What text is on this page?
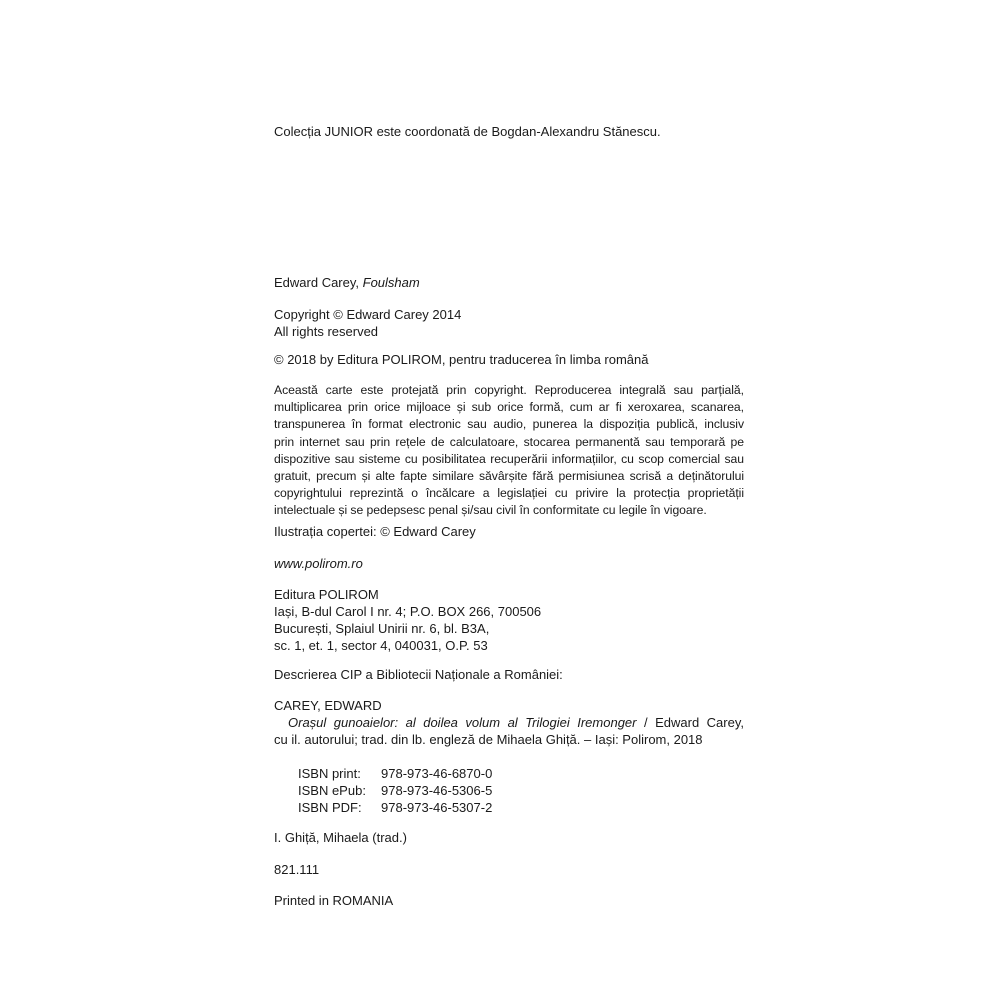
Colecția JUNIOR este coordonată de Bogdan-Alexandru Stănescu.
Edward Carey, Foulsham
Copyright © Edward Carey 2014
All rights reserved
© 2018 by Editura POLIROM, pentru traducerea în limba română
Această carte este protejată prin copyright. Reproducerea integrală sau parțială,
multiplicarea prin orice mijloace și sub orice formă, cum ar fi xeroxarea, scanarea,
transpunerea în format electronic sau audio, punerea la dispoziția publică, inclusiv
prin internet sau prin rețele de calculatoare, stocarea permanentă sau temporară pe
dispozitive sau sisteme cu posibilitatea recuperării informațiilor, cu scop comercial sau
gratuit, precum și alte fapte similare săvârșite fără permisiunea scrisă a deținătorului
copyrightului reprezintă o încălcare a legislației cu privire la protecția proprietății
intelectuale și se pedepsesc penal și/sau civil în conformitate cu legile în vigoare.
Ilustrația copertei: © Edward Carey
www.polirom.ro
Editura POLIROM
Iași, B-dul Carol I nr. 4; P.O. BOX 266, 700506
București, Splaiul Unirii nr. 6, bl. B3A,
sc. 1, et. 1, sector 4, 040031, O.P. 53
Descrierea CIP a Bibliotecii Naționale a României:
CAREY, EDWARD
Orașul gunoaielor: al doilea volum al Trilogiei Iremonger / Edward Carey,
cu il. autorului; trad. din lb. engleză de Mihaela Ghiță. – Iași: Polirom, 2018
ISBN print:	978-973-46-6870-0
ISBN ePub:	978-973-46-5306-5
ISBN PDF:	978-973-46-5307-2
I. Ghiță, Mihaela (trad.)
821.111
Printed in ROMANIA
